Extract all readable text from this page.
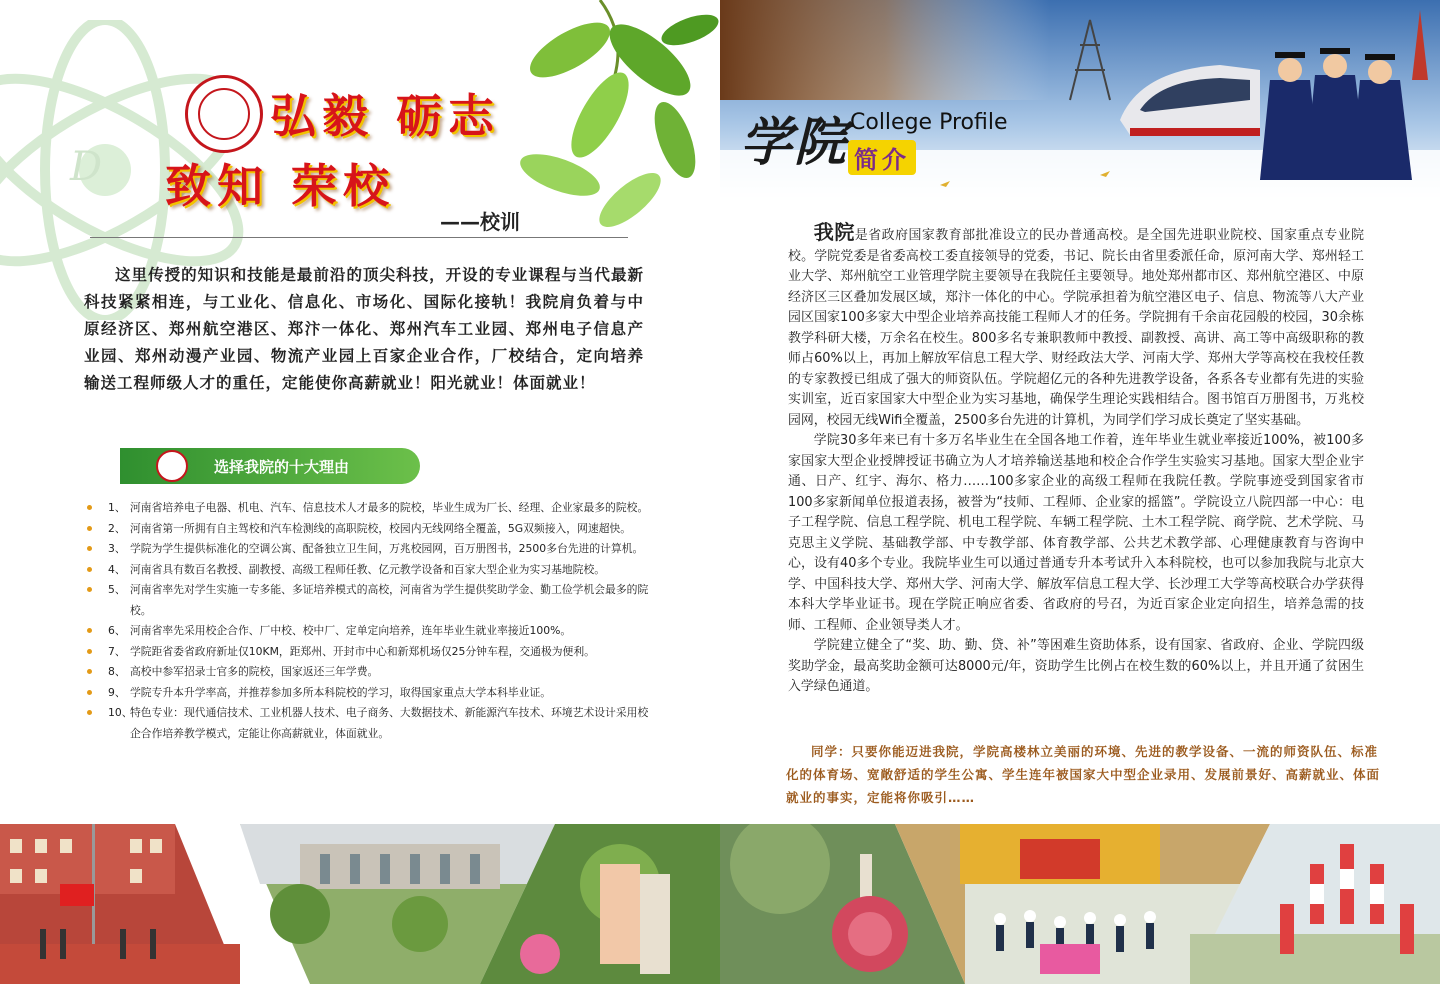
D
弘毅 砺志
致知 荣校
——校训

这里传授的知识和技能是最前沿的顶尖科技，开设的专业课程与当代最新科技紧紧相连，与工业化、信息化、市场化、国际化接轨！我院肩负着与中原经济区、郑州航空港区、郑汴一体化、郑州汽车工业园、郑州电子信息产业园、郑州动漫产业园、物流产业园上百家企业合作，厂校结合，定向培养输送工程师级人才的重任，定能使你高薪就业！阳光就业！体面就业！

选择我院的十大理由
1、 河南省培养电子电器、机电、汽车、信息技术人才最多的院校，毕业生成为厂长、经理、企业家最多的院校。
2、 河南省第一所拥有自主驾校和汽车检测线的高职院校，校园内无线网络全覆盖，5G双频接入，网速超快。
3、 学院为学生提供标准化的空调公寓、配备独立卫生间，万兆校园网，百万册图书，2500多台先进的计算机。
4、 河南省具有数百名教授、副教授、高级工程师任教、亿元教学设备和百家大型企业为实习基地院校。
5、 河南省率先对学生实施一专多能、多证培养模式的高校，河南省为学生提供奖助学金、勤工俭学机会最多的院校。
6、 河南省率先采用校企合作、厂中校、校中厂、定单定向培养，连年毕业生就业率接近100%。
7、 学院距省委省政府新址仅10KM，距郑州、开封市中心和新郑机场仅25分钟车程，交通极为便利。
8、 高校中参军招录士官多的院校，国家返还三年学费。
9、 学院专升本升学率高，并推荐参加多所本科院校的学习，取得国家重点大学本科毕业证。
10、
特色专业：现代通信技术、工业机器人技术、电子商务、大数据技术、新能源汽车技术、环境艺术设计采用校企合作培养教学模式，定能让你高薪就业，体面就业。
学院 College Profile
简介

我院是省政府国家教育部批准设立的民办普通高校。是全国先进职业院校、国家重点专业院校。学院党委是省委高校工委直接领导的党委，书记、院长由省里委派任命，原河南大学、郑州轻工业大学、郑州航空工业管理学院主要领导在我院任主要领导。地处郑州都市区、郑州航空港区、中原经济区三区叠加发展区域，郑汴一体化的中心。学院承担着为航空港区电子、信息、物流等八大产业园区国家100多家大中型企业培养高技能工程师人才的任务。学院拥有千余亩花园般的校园，30余栋教学科研大楼，万余名在校生。800多名专兼职教师中教授、副教授、高讲、高工等中高级职称的教师占60%以上，再加上解放军信息工程大学、财经政法大学、河南大学、郑州大学等高校在我校任教的专家教授已组成了强大的师资队伍。学院超亿元的各种先进教学设备，各系各专业都有先进的实验实训室，近百家国家大中型企业为实习基地，确保学生理论实践相结合。图书馆百万册图书，万兆校园网，校园无线Wifi全覆盖，2500多台先进的计算机，为同学们学习成长奠定了坚实基础。

学院30多年来已有十多万名毕业生在全国各地工作着，连年毕业生就业率接近100%，被100多家国家大型企业授牌授证书确立为人才培养输送基地和校企合作学生实验实习基地。国家大型企业宇通、日产、红宇、海尔、格力……100多家企业的高级工程师在我院任教。学院事迹受到国家省市100多家新闻单位报道表扬，被誉为“技师、工程师、企业家的摇篮”。学院设立八院四部一中心：电子工程学院、信息工程学院、机电工程学院、车辆工程学院、土木工程学院、商学院、艺术学院、马克思主义学院、基础教学部、中专教学部、体育教学部、公共艺术教学部、心理健康教育与咨询中心，设有40多个专业。我院毕业生可以通过普通专升本考试升入本科院校，也可以参加我院与北京大学、中国科技大学、郑州大学、河南大学、解放军信息工程大学、长沙理工大学等高校联合办学获得本科大学毕业证书。现在学院正响应省委、省政府的号召，为近百家企业定向招生，培养急需的技师、工程师、企业领导类人才。

学院建立健全了“奖、助、勤、贷、补”等困难生资助体系，设有国家、省政府、企业、学院四级奖助学金，最高奖助金额可达8000元/年，资助学生比例占在校生数的60%以上，并且开通了贫困生入学绿色通道。

同学：只要你能迈进我院，学院高楼林立美丽的环境、先进的教学设备、一流的师资队伍、标准化的体育场、宽敞舒适的学生公寓、学生连年被国家大中型企业录用、发展前景好、高薪就业、体面就业的事实，定能将你吸引……
